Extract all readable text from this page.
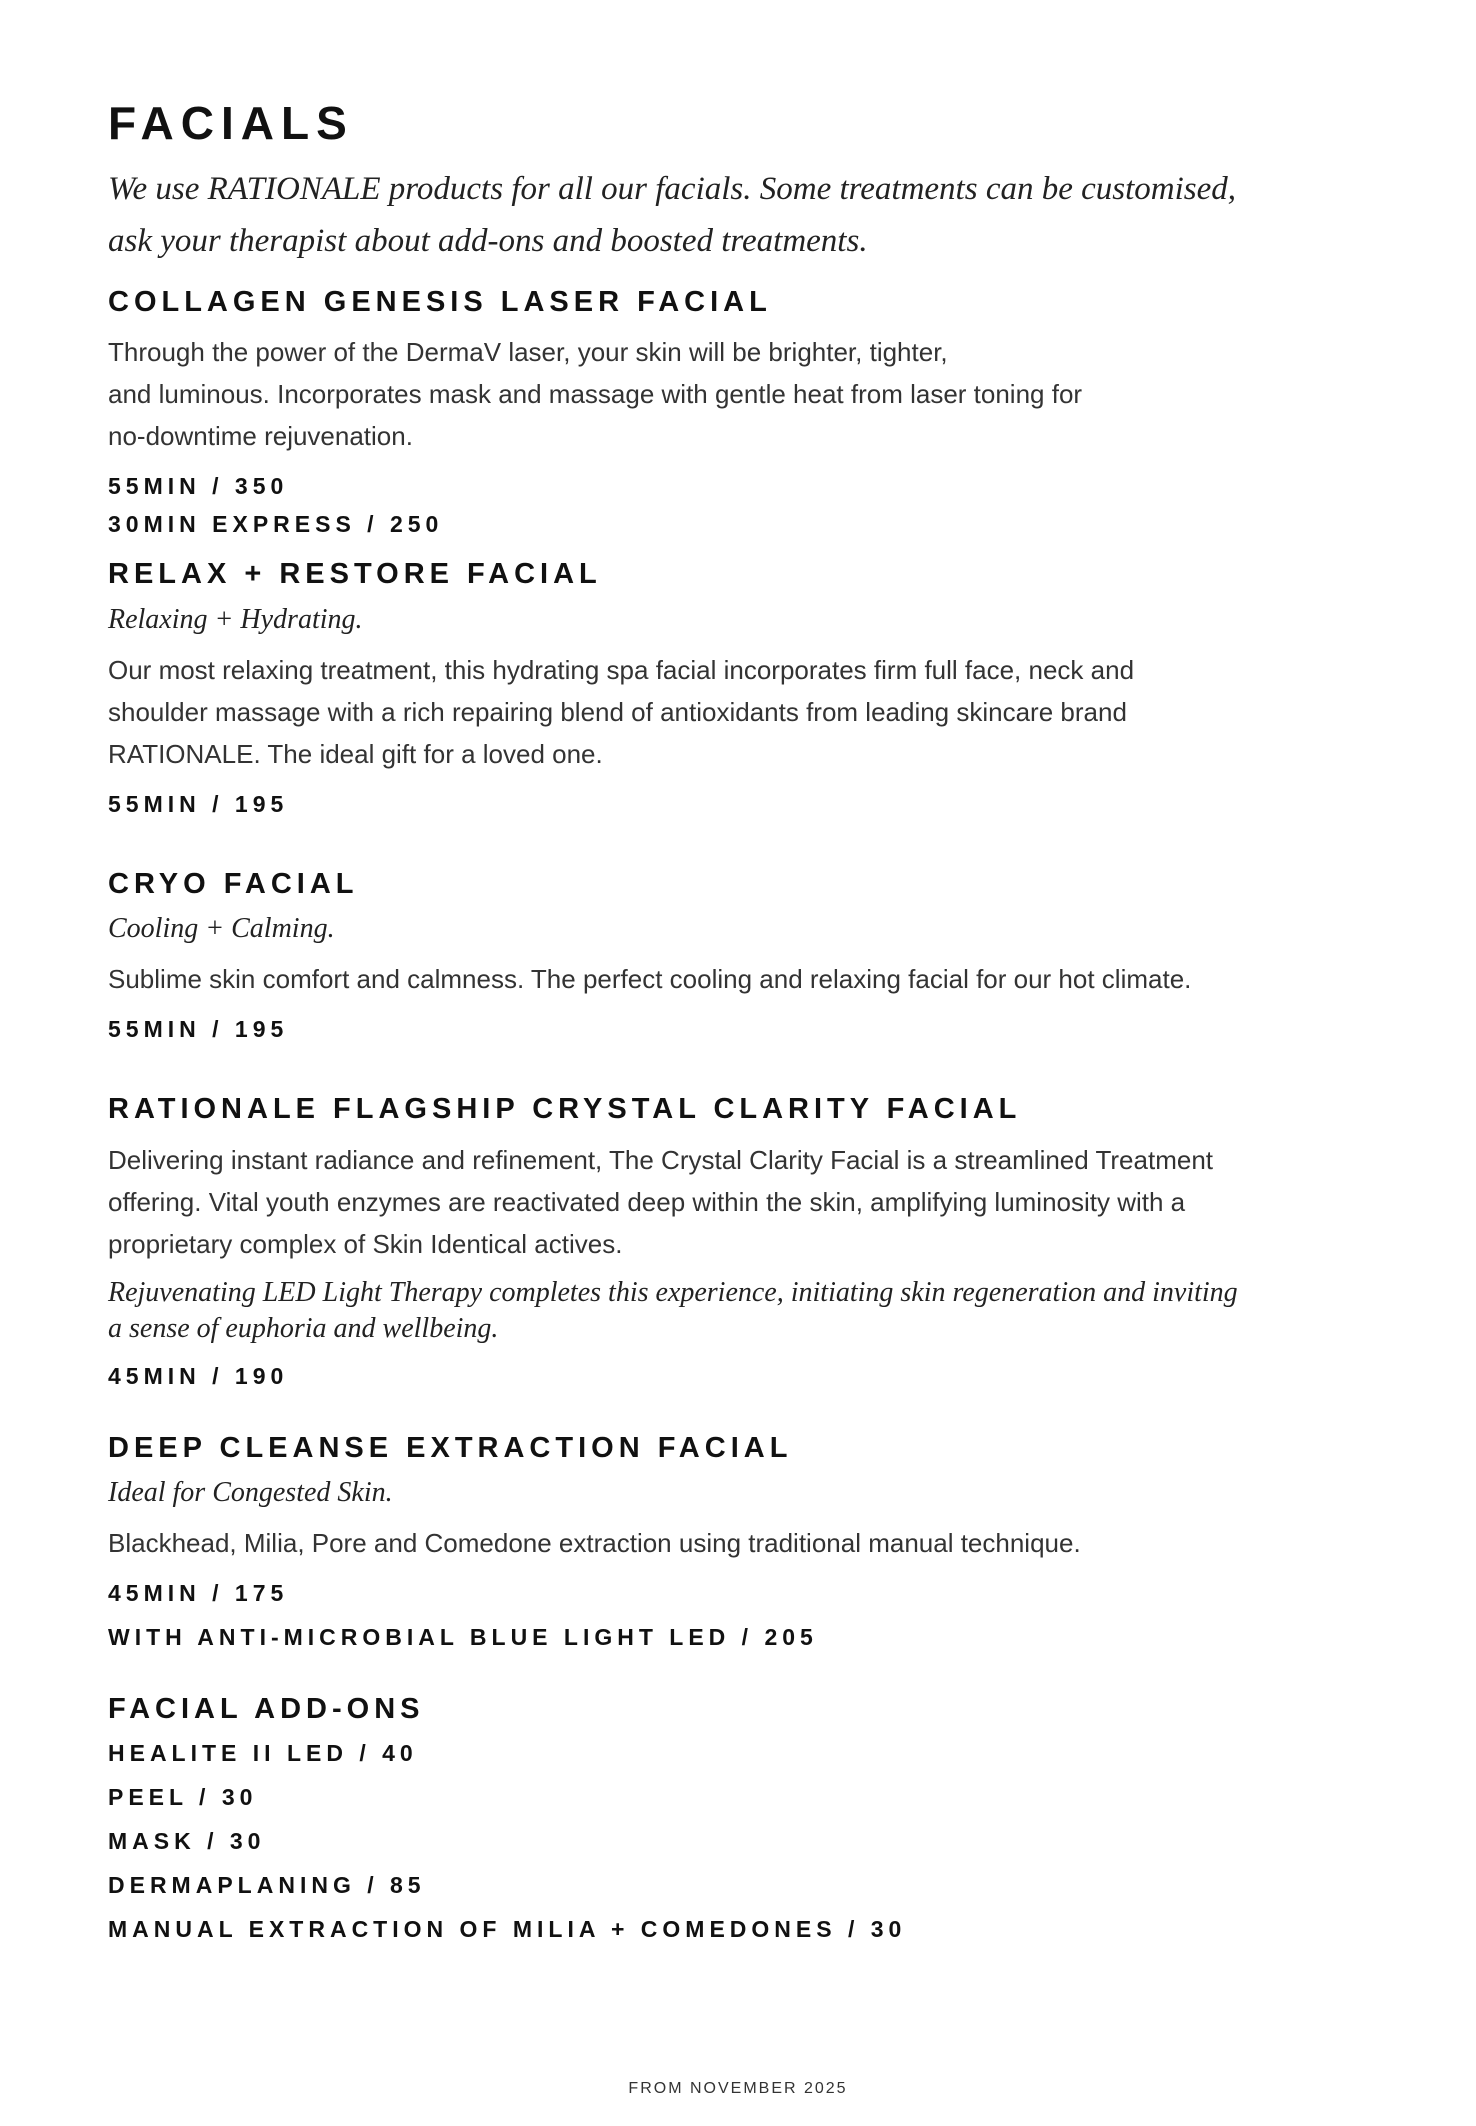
FACIALS

We use RATIONALE products for all our facials. Some treatments can be customised, ask your therapist about add-ons and boosted treatments.

COLLAGEN GENESIS LASER FACIAL

Through the power of the DermaV laser, your skin will be brighter, tighter,
and luminous. Incorporates mask and massage with gentle heat from laser toning for
no-downtime rejuvenation.

55MIN / 350

30MIN EXPRESS / 250

RELAX + RESTORE FACIAL

Relaxing + Hydrating.

Our most relaxing treatment, this hydrating spa facial incorporates firm full face, neck and
shoulder massage with a rich repairing blend of antioxidants from leading skincare brand
RATIONALE. The ideal gift for a loved one.

55MIN / 195

CRYO FACIAL

Cooling + Calming.

Sublime skin comfort and calmness. The perfect cooling and relaxing facial for our hot climate.

55MIN / 195

RATIONALE FLAGSHIP CRYSTAL CLARITY FACIAL

Delivering instant radiance and refinement, The Crystal Clarity Facial is a streamlined Treatment
offering. Vital youth enzymes are reactivated deep within the skin, amplifying luminosity with a
proprietary complex of Skin Identical actives.

Rejuvenating LED Light Therapy completes this experience, initiating skin regeneration and inviting
a sense of euphoria and wellbeing.

45MIN / 190

DEEP CLEANSE EXTRACTION FACIAL

Ideal for Congested Skin.

Blackhead, Milia, Pore and Comedone extraction using traditional manual technique.

45MIN / 175

WITH ANTI-MICROBIAL BLUE LIGHT LED / 205

FACIAL ADD-ONS

HEALITE II LED / 40

PEEL / 30

MASK / 30

DERMAPLANING / 85

MANUAL EXTRACTION OF MILIA + COMEDONES / 30

FROM NOVEMBER 2025
